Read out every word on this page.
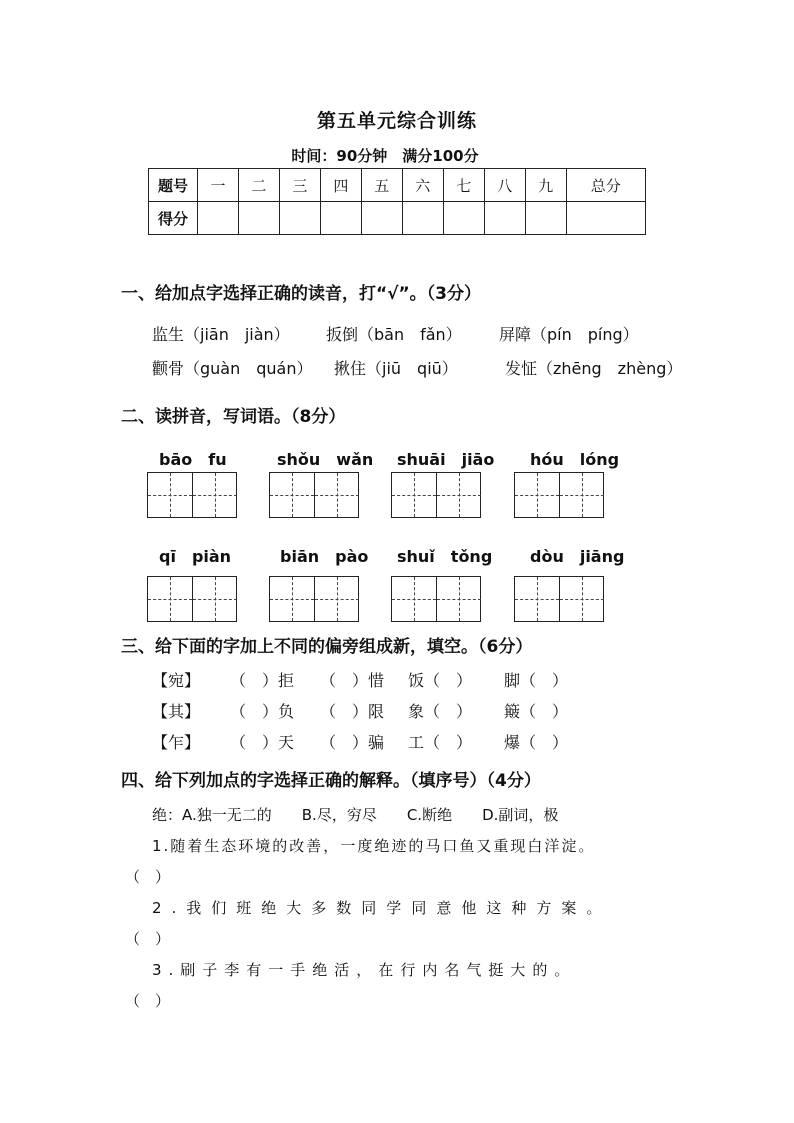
第五单元综合训练
时间：90分钟　满分100分
题号	一	二	三	四	五	六	七	八	九	总分
得分										
一、给加点字选择正确的读音，打“√”。（3分）
监生（jiān　jiàn） 扳倒（bān　fǎn） 屏障（pín　píng）
颧骨（guàn　quán） 揪住（jiū　qiū）	发怔（zhēng　zhèng）
二、读拼音，写词语。（8分）
bāo　fu	shǒu　wǎn shuāi　jiāo hóu　lóng
qī　piàn	biān　pào shuǐ　tǒng dòu　jiāng
三、给下面的字加上不同的偏旁组成新，填空。（6分）
【宛】 （　）拒 （　）惜 饭（　） 脚（　）
【其】 （　）负 （　）限 象（　） 簸（　）
【乍】 （　）天 （　）骗 工（　） 爆（　）
四、给下列加点的字选择正确的解释。（填序号）（4分）
绝：A.独一无二的　　B.尽，穷尽　　C.断绝　　D.副词，极
1.随着生态环境的改善，一度绝迹的马口鱼又重现白洋淀。
（　）
2.我们班绝大多数同学同意他这种方案。
（　）
3.刷子李有一手绝活，在行内名气挺大的。
（　）
